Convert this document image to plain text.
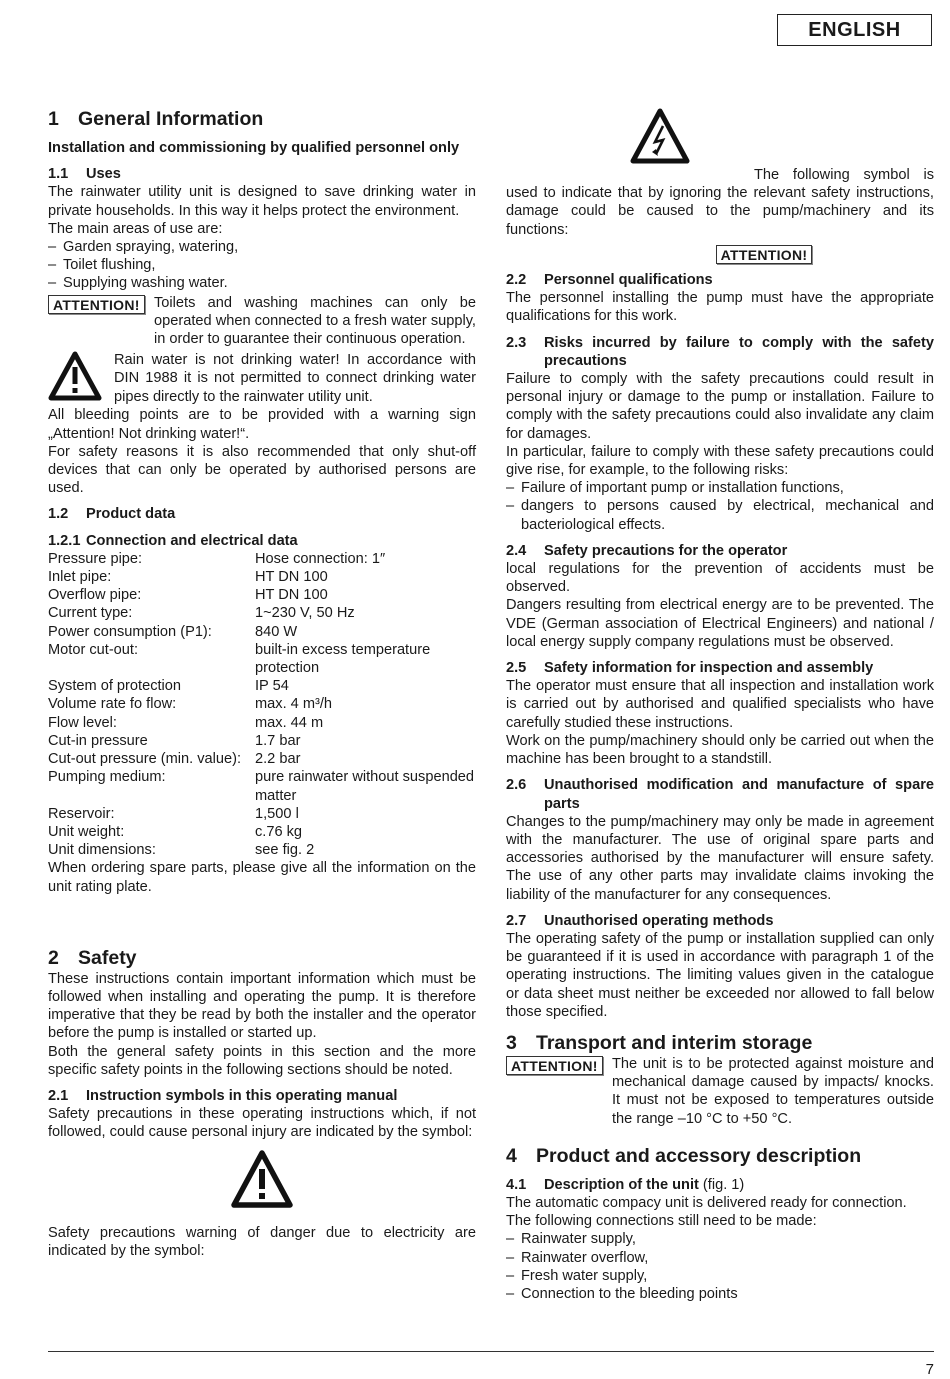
ENGLISH
1 General Information
Installation and commissioning by qualified personnel only
1.1 Uses

The rainwater utility unit is designed to save drinking water in private households. In this way it helps protect the environment.

The main areas of use are:

– Garden spraying, watering,
– Toilet flushing,
– Supplying washing water.
ATTENTION! Toilets and washing machines can only be operated when connected to a fresh water supply, in order to guarantee their continuous operation.

Rain water is not drinking water! In accordance with DIN 1988 it is not permitted to connect drinking water pipes directly to the rainwater utility unit.

All bleeding points are to be provided with a warning sign „Attention! Not drinking water!“.

For safety reasons it is also recommended that only shut-off devices that can only be operated by authorised persons are used.

1.2 Product data
1.2.1 Connection and electrical data
Pressure pipe:	Hose connection: 1″
Inlet pipe:	HT DN 100
Overflow pipe:	HT DN 100
Current type:	1~230 V, 50 Hz
Power consumption (P1):	840 W
Motor cut-out:	built-in excess temperature protection
System of protection	IP 54
Volume rate fo flow:	max. 4 m³/h
Flow level:	max. 44 m
Cut-in pressure	1.7 bar
Cut-out pressure (min. value): 2.2 bar
Pumping medium:	pure rainwater without suspended matter
Reservoir:	1,500 l
Unit weight:	c.76 kg
Unit dimensions:	see fig. 2

When ordering spare parts, please give all the information on the unit rating plate.

2 Safety

These instructions contain important information which must be followed when installing and operating the pump. It is therefore imperative that they be read by both the installer and the operator before the pump is installed or started up.

Both the general safety points in this section and the more specific safety points in the following sections should be noted.

2.1 Instruction symbols in this operating manual

Safety precautions in these operating instructions which, if not followed, could cause personal injury are indicated by the symbol:

Safety precautions warning of danger due to electricity are indicated by the symbol:

The following symbol is used to indicate that by ignoring the relevant safety instructions, damage could be caused to the pump/machinery and its functions:

ATTENTION!
2.2 Personnel qualifications

The personnel installing the pump must have the appropriate qualifications for this work.

2.3 Risks incurred by failure to comply with the safety precautions

Failure to comply with the safety precautions could result in personal injury or damage to the pump or installation. Failure to comply with the safety precautions could also invalidate any claim for damages.

In particular, failure to comply with these safety precautions could give rise, for example, to the following risks:

– Failure of important pump or installation functions,
– dangers to persons caused by electrical, mechanical and bacteriological effects.
2.4 Safety precautions for the operator

local regulations for the prevention of accidents must be observed.

Dangers resulting from electrical energy are to be prevented. The VDE (German association of Electrical Engineers) and national / local energy supply company regulations must be observed.

2.5 Safety information for inspection and assembly

The operator must ensure that all inspection and installation work is carried out by authorised and qualified specialists who have carefully studied these instructions.

Work on the pump/machinery should only be carried out when the machine has been brought to a standstill.

2.6 Unauthorised modification and manufacture of spare parts

Changes to the pump/machinery may only be made in agreement with the manufacturer. The use of original spare parts and accessories authorised by the manufacturer will ensure safety. The use of any other parts may invalidate claims invoking the liability of the manufacturer for any consequences.

2.7 Unauthorised operating methods

The operating safety of the pump or installation supplied can only be guaranteed if it is used in accordance with paragraph 1 of the operating instructions. The limiting values given in the catalogue or data sheet must neither be exceeded nor allowed to fall below those specified.

3 Transport and interim storage
ATTENTION! The unit is to be protected against moisture and mechanical damage caused by impacts/ knocks. It must not be exposed to temperatures outside the range –10 °C to +50 °C.

4 Product and accessory description
4.1 Description of the unit (fig. 1)

The automatic compacy unit is delivered ready for connection.

The following connections still need to be made:

– Rainwater supply,
– Rainwater overflow,
– Fresh water supply,
– Connection to the bleeding points
7
